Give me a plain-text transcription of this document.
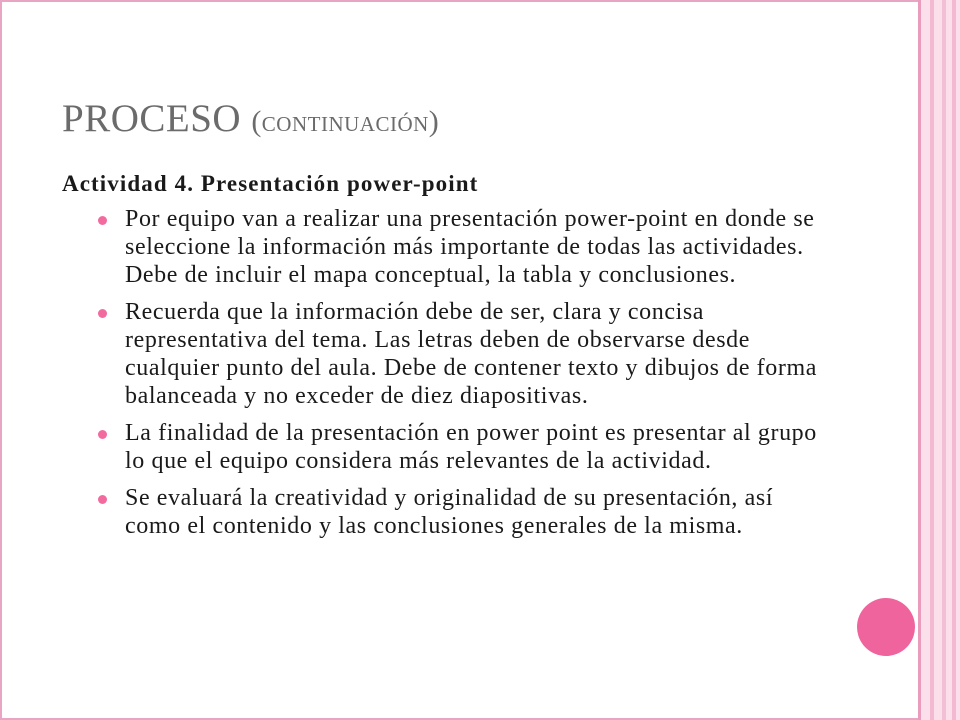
PROCESO (continuación)
Actividad 4. Presentación power-point
Por equipo van a realizar una presentación power-point en donde se seleccione la información más importante de todas las actividades. Debe de incluir el mapa conceptual, la tabla y conclusiones.
Recuerda que la información debe de ser, clara y concisa representativa del tema. Las letras deben de observarse desde cualquier punto del aula. Debe de contener texto y dibujos de forma balanceada y no exceder de diez diapositivas.
La finalidad de la presentación en power point es presentar al grupo lo que el equipo considera más relevantes de la actividad.
Se evaluará la creatividad y originalidad de su presentación, así como el contenido y las conclusiones generales de la misma.
